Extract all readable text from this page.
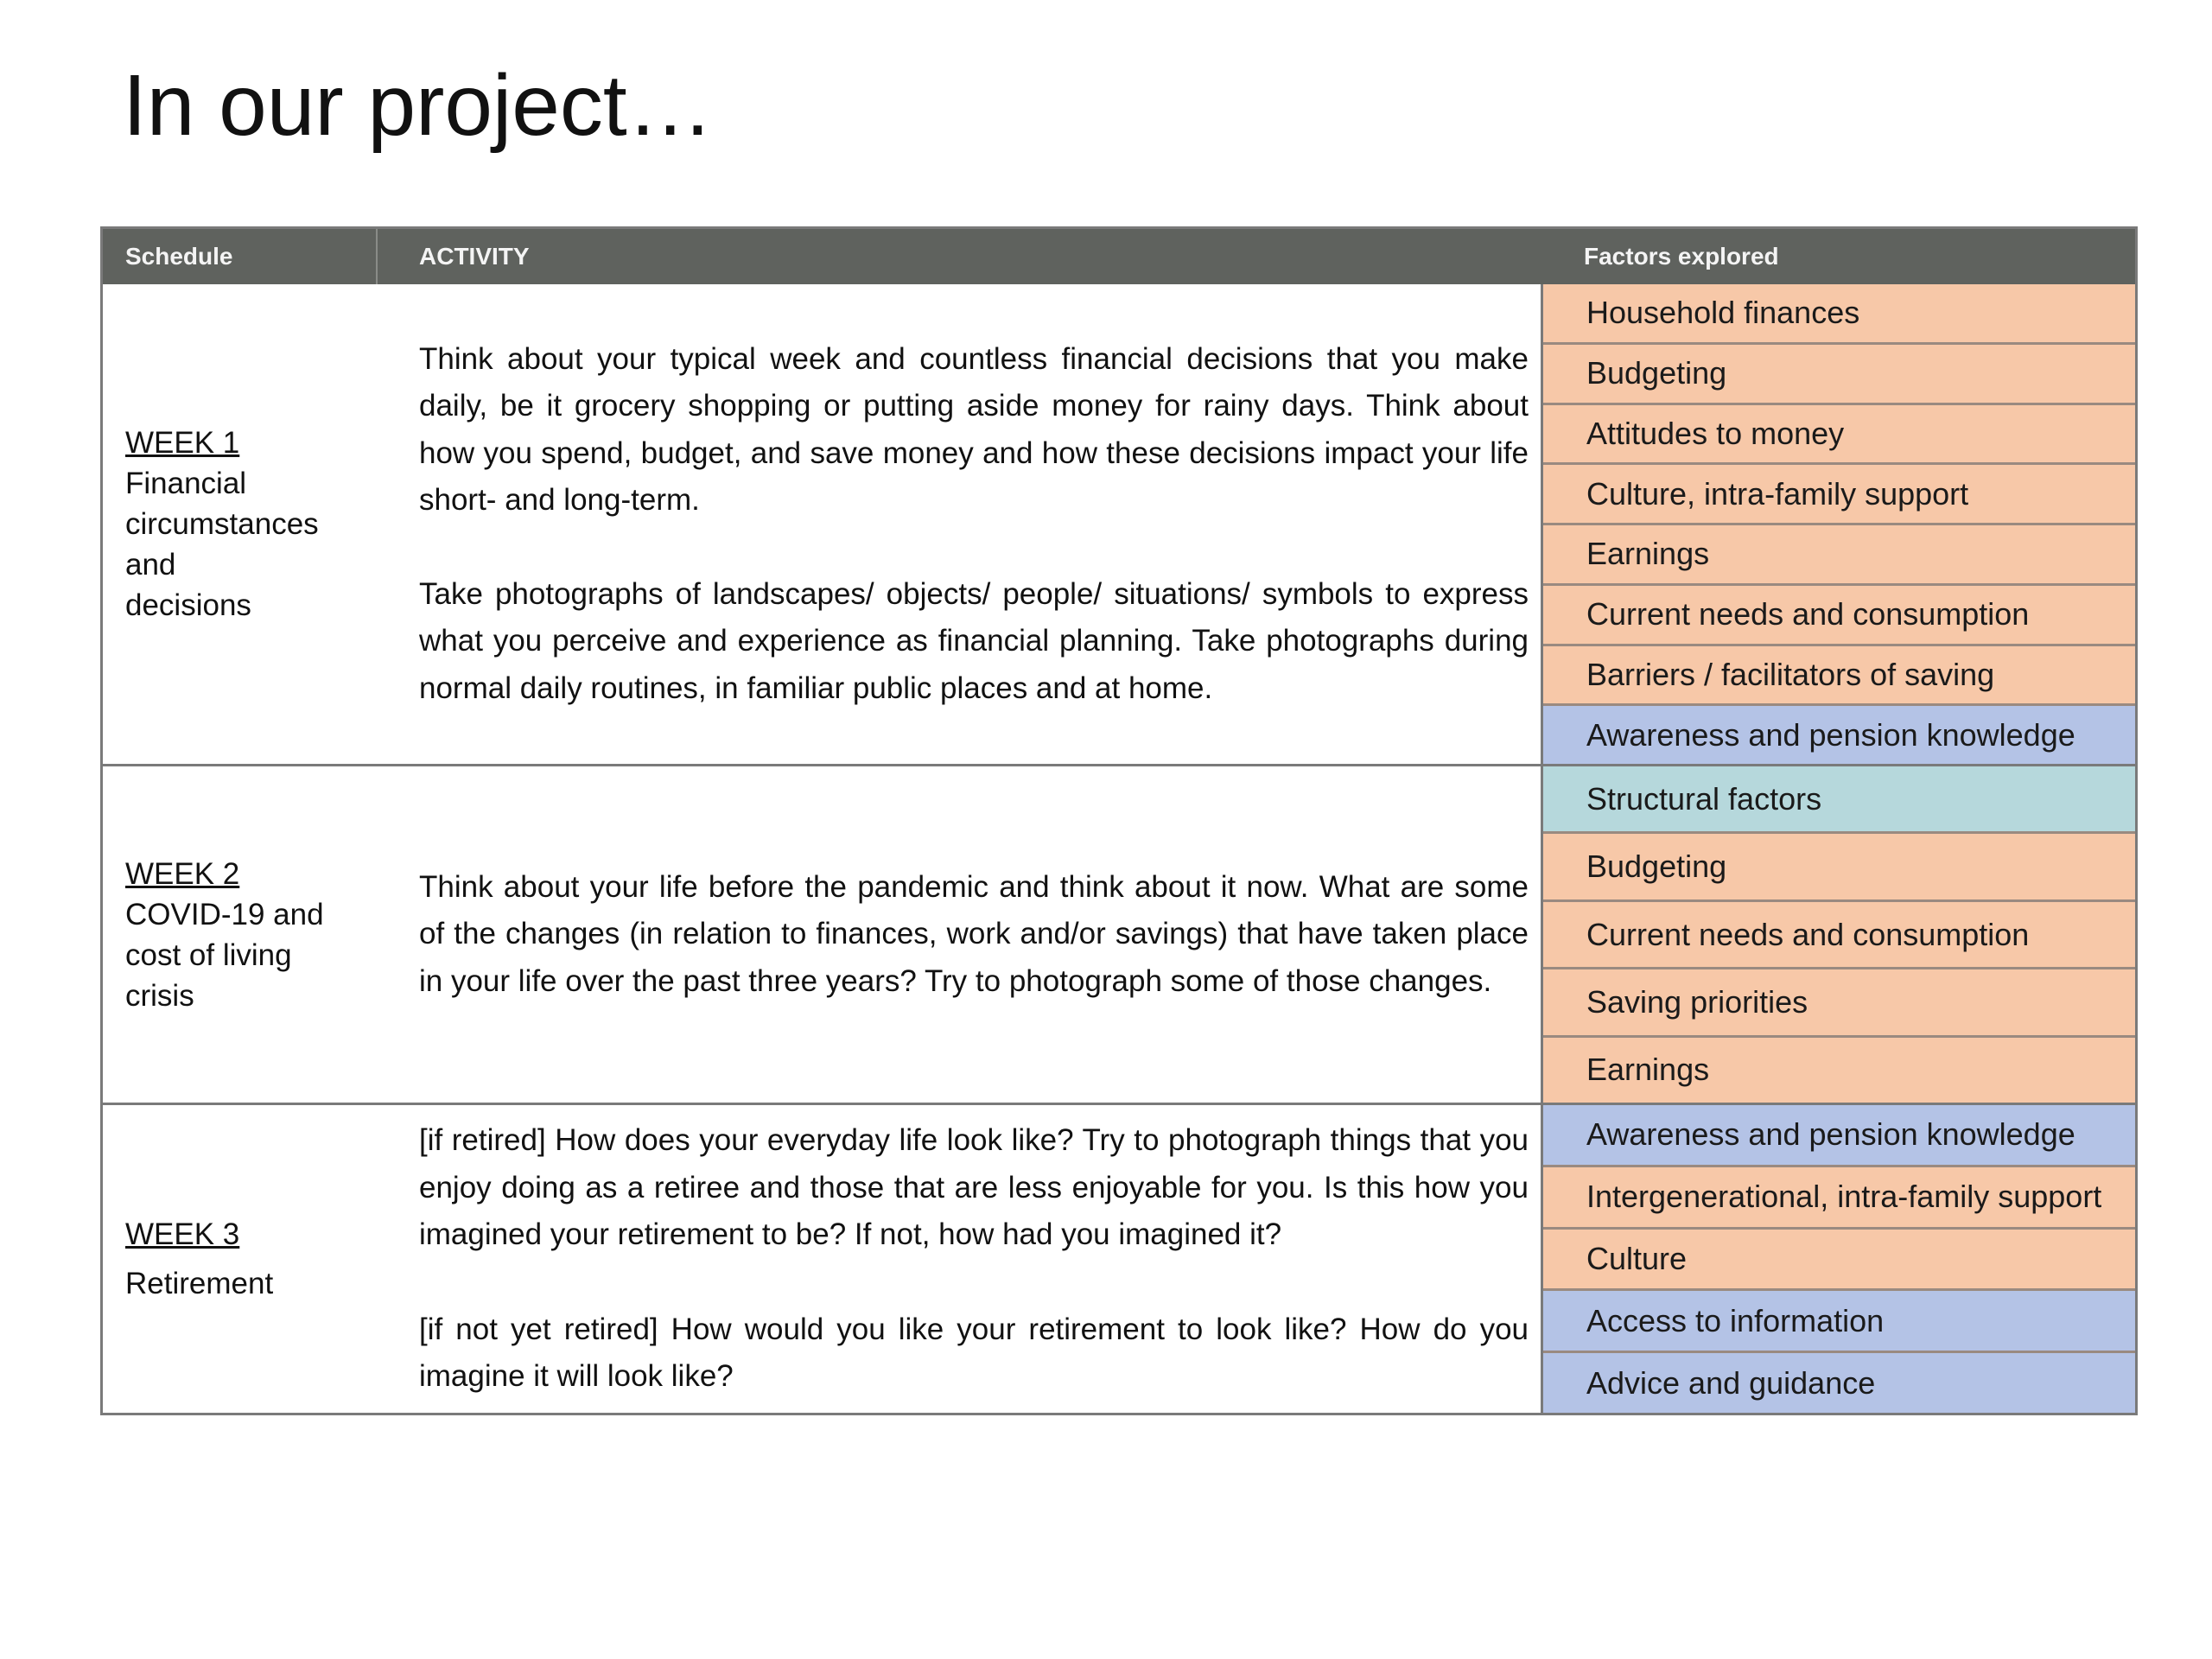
In our project…
Schedule	ACTIVITY	Factors explored
WEEK 1
Financial circumstances and decisions

Think about your typical week and countless financial decisions that you make daily, be it grocery shopping or putting aside money for rainy days. Think about how you spend, budget, and save money and how these decisions impact your life short- and long-term.

Take photographs of landscapes/ objects/ people/ situations/ symbols to express what you perceive and experience as financial planning. Take photographs during normal daily routines, in familiar public places and at home.

Household finances
Budgeting
Attitudes to money
Culture, intra-family support
Earnings
Current needs and consumption
Barriers / facilitators of saving
Awareness and pension knowledge
WEEK 2
COVID-19 and cost of living crisis

Think about your life before the pandemic and think about it now. What are some of the changes (in relation to finances, work and/or savings) that have taken place in your life over the past three years? Try to photograph some of those changes.

Structural factors
Budgeting
Current needs and consumption
Saving priorities
Earnings
WEEK 3
Retirement

[if retired] How does your everyday life look like? Try to photograph things that you enjoy doing as a retiree and those that are less enjoyable for you. Is this how you imagined your retirement to be? If not, how had you imagined it?

[if not yet retired] How would you like your retirement to look like? How do you imagine it will look like?

Awareness and pension knowledge
Intergenerational, intra-family support
Culture
Access to information
Advice and guidance
